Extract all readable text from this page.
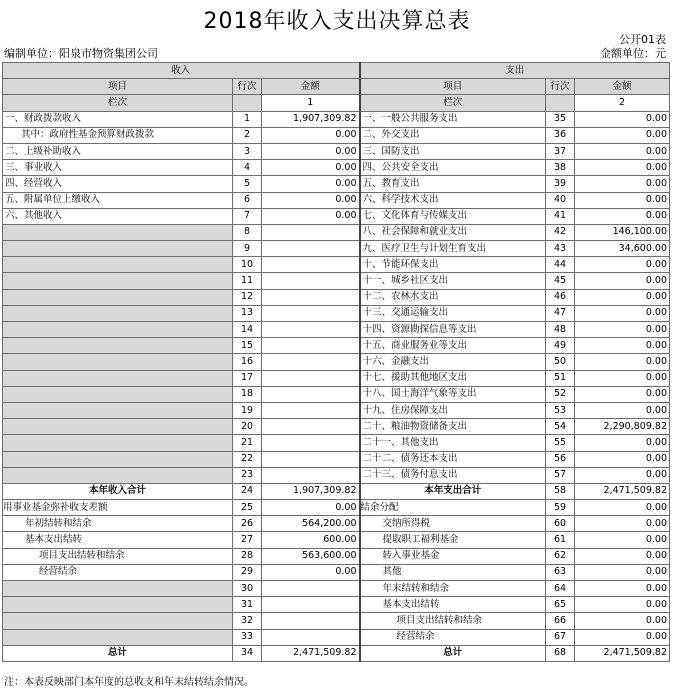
2018年收入支出决算总表
公开01表
编制单位：阳泉市物资集团公司	金额单位：元
收入			支出		
项目	行次	金额	项目	行次	金额
栏次		1	栏次		2
一、财政拨款收入	1	1,907,309.82	一、一般公共服务支出	35	0.00
其中：政府性基金预算财政拨款	2	0.00	二、外交支出	36	0.00
二、上级补助收入	3	0.00	三、国防支出	37	0.00
三、事业收入	4	0.00	四、公共安全支出	38	0.00
四、经营收入	5	0.00	五、教育支出	39	0.00
五、附属单位上缴收入	6	0.00	六、科学技术支出	40	0.00
六、其他收入	7	0.00	七、文化体育与传媒支出	41	0.00
	8		八、社会保障和就业支出	42	146,100.00
	9		九、医疗卫生与计划生育支出	43	34,600.00
	10		十、节能环保支出	44	0.00
	11		十一、城乡社区支出	45	0.00
	12		十二、农林水支出	46	0.00
	13		十三、交通运输支出	47	0.00
	14		十四、资源勘探信息等支出	48	0.00
	15		十五、商业服务业等支出	49	0.00
	16		十六、金融支出	50	0.00
	17		十七、援助其他地区支出	51	0.00
	18		十八、国土海洋气象等支出	52	0.00
	19		十九、住房保障支出	53	0.00
	20		二十、粮油物资储备支出	54	2,290,809.82
	21		二十一、其他支出	55	0.00
	22		二十二、债务还本支出	56	0.00
	23		二十三、债务付息支出	57	0.00
本年收入合计	24	1,907,309.82	本年支出合计	58	2,471,509.82
用事业基金弥补收支差额	25	0.00	结余分配	59	0.00
年初结转和结余	26	564,200.00	交纳所得税	60	0.00
基本支出结转	27	600.00	提取职工福利基金	61	0.00
项目支出结转和结余	28	563,600.00	转入事业基金	62	0.00
经营结余	29	0.00	其他	63	0.00
	30		年末结转和结余	64	0.00
	31		基本支出结转	65	0.00
	32		项目支出结转和结余	66	0.00
	33		经营结余	67	0.00
总计	34	2,471,509.82	总计	68	2,471,509.82
注：本表反映部门本年度的总收支和年末结转结余情况。
